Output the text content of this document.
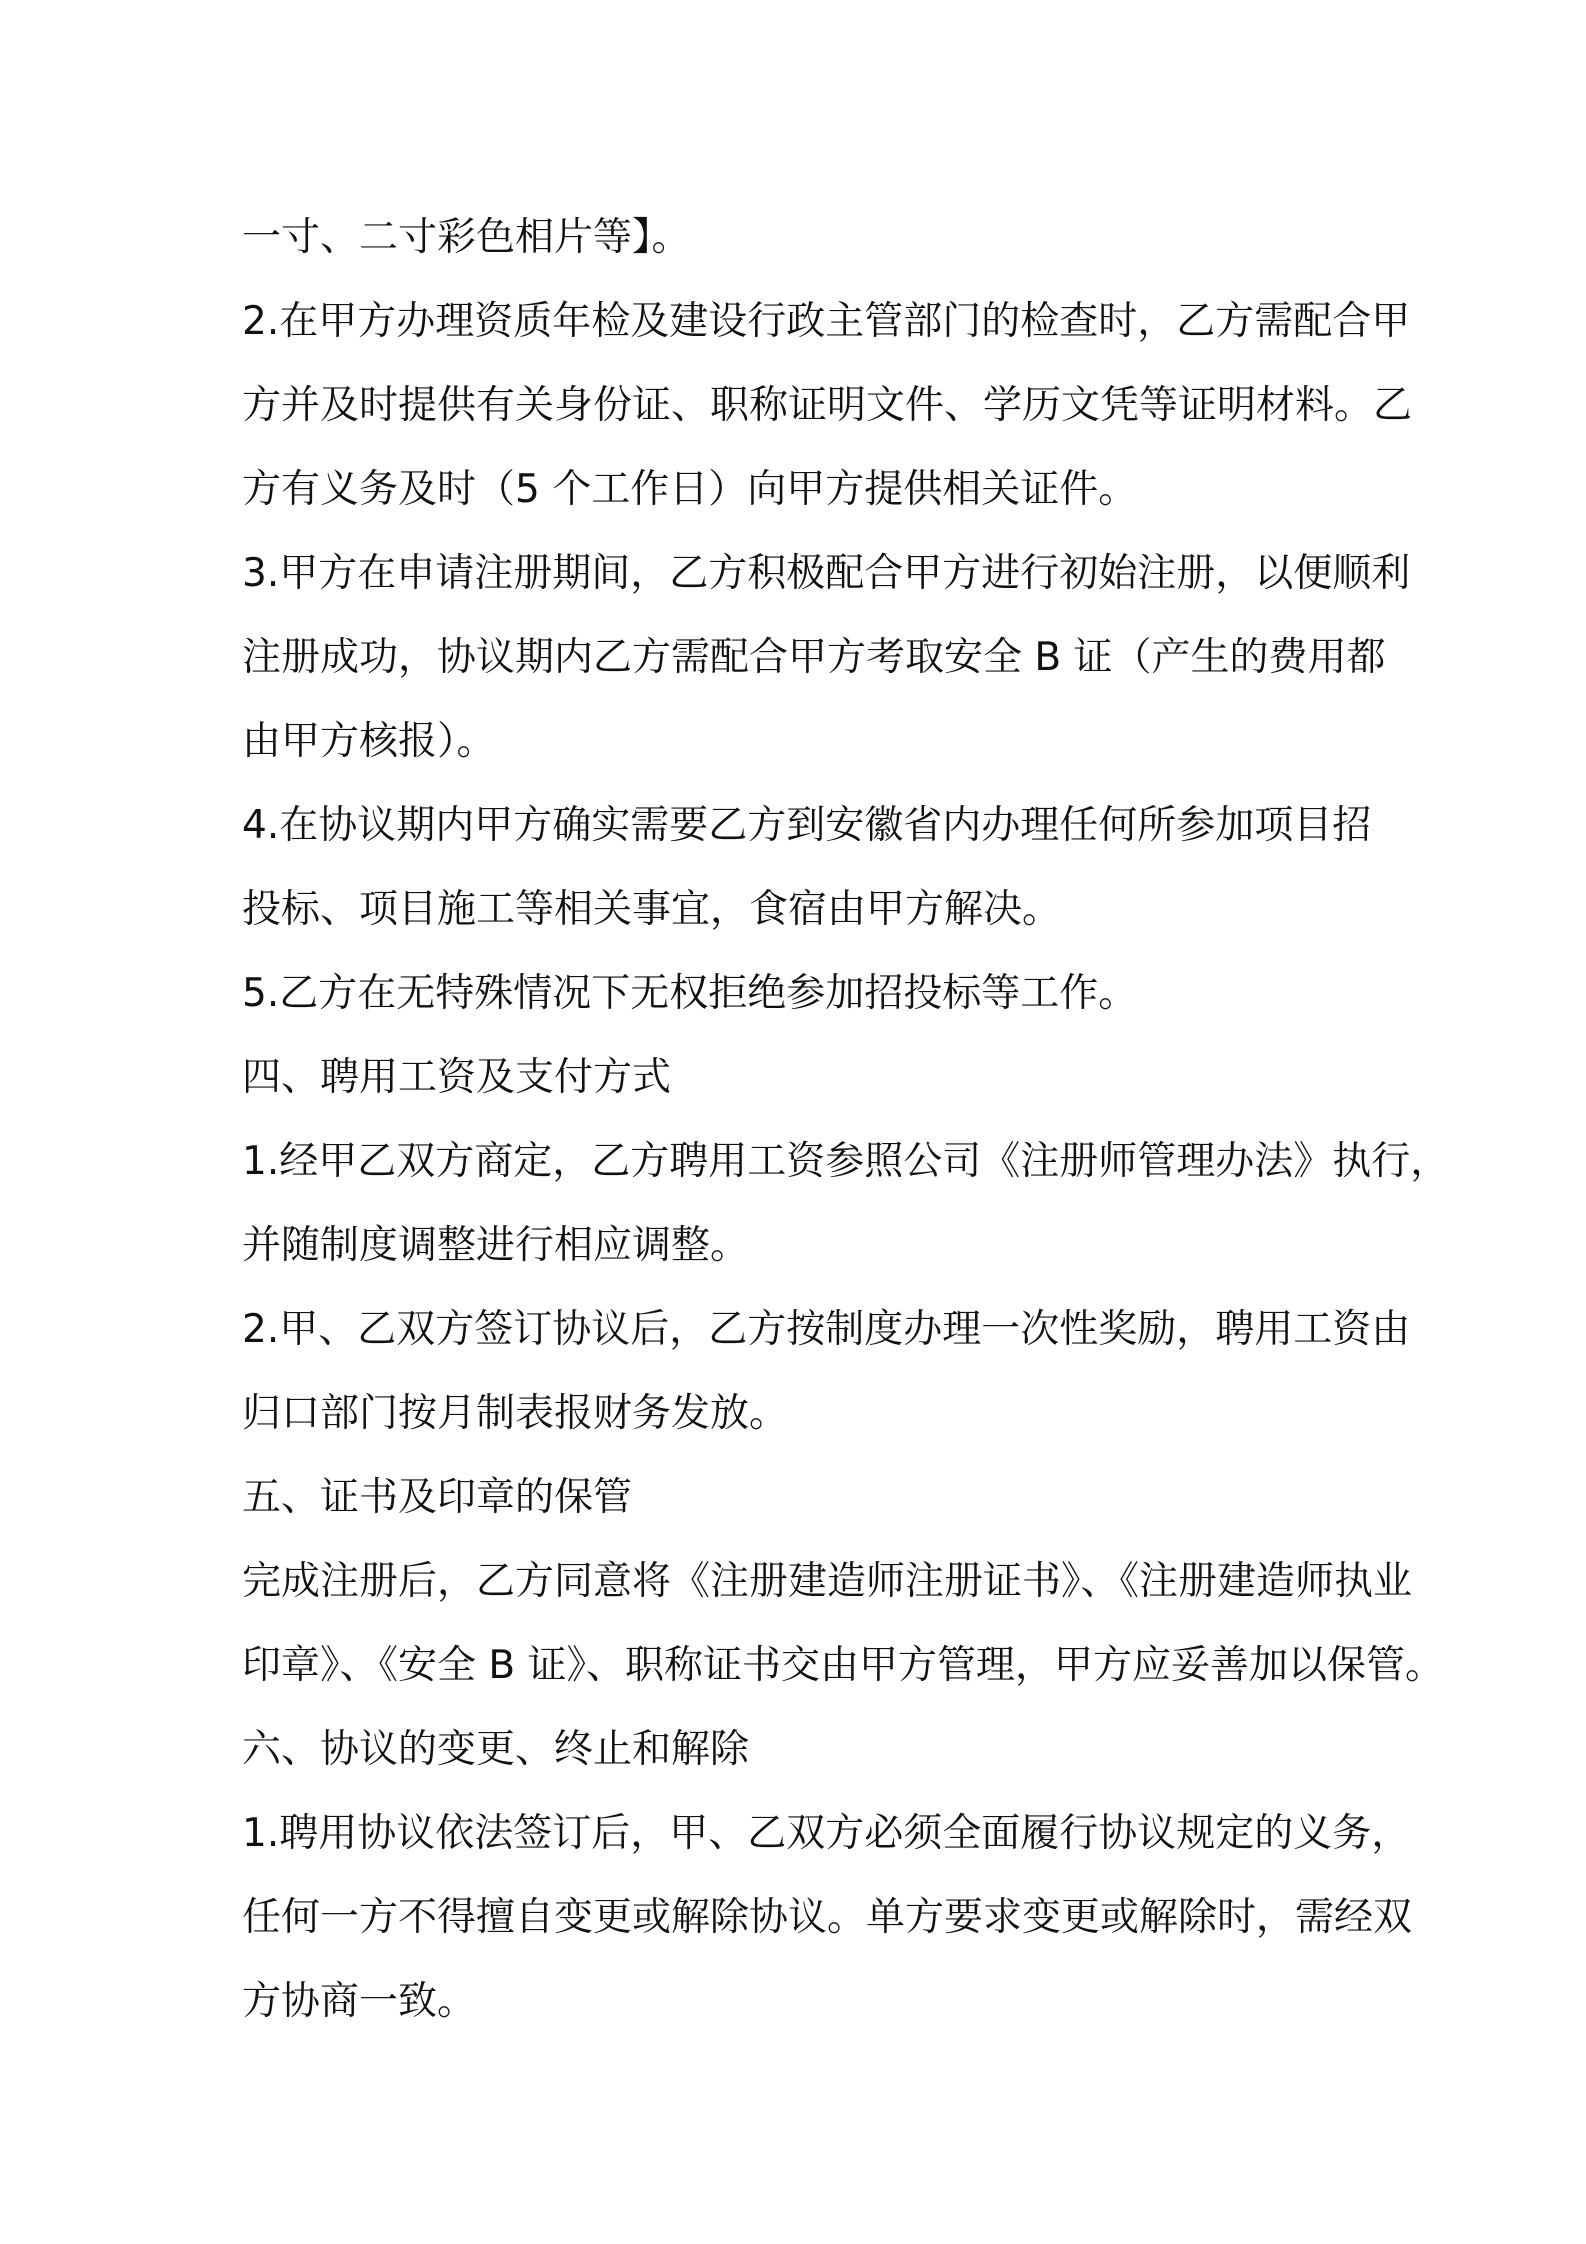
一寸、二寸彩色相片等】。
2.在甲方办理资质年检及建设行政主管部门的检查时，乙方需配合甲
方并及时提供有关身份证、职称证明文件、学历文凭等证明材料。乙
方有义务及时（5 个工作日）向甲方提供相关证件。
3.甲方在申请注册期间，乙方积极配合甲方进行初始注册，以便顺利
注册成功，协议期内乙方需配合甲方考取安全 B 证（产生的费用都
由甲方核报）。
4.在协议期内甲方确实需要乙方到安徽省内办理任何所参加项目招
投标、项目施工等相关事宜，食宿由甲方解决。
5.乙方在无特殊情况下无权拒绝参加招投标等工作。
四、聘用工资及支付方式
1.经甲乙双方商定，乙方聘用工资参照公司《注册师管理办法》执行，
并随制度调整进行相应调整。
2.甲、乙双方签订协议后，乙方按制度办理一次性奖励，聘用工资由
归口部门按月制表报财务发放。
五、证书及印章的保管
完成注册后，乙方同意将《注册建造师注册证书》、《注册建造师执业
印章》、《安全 B 证》、职称证书交由甲方管理，甲方应妥善加以保管。
六、协议的变更、终止和解除
1.聘用协议依法签订后，甲、乙双方必须全面履行协议规定的义务，
任何一方不得擅自变更或解除协议。单方要求变更或解除时，需经双
方协商一致。
